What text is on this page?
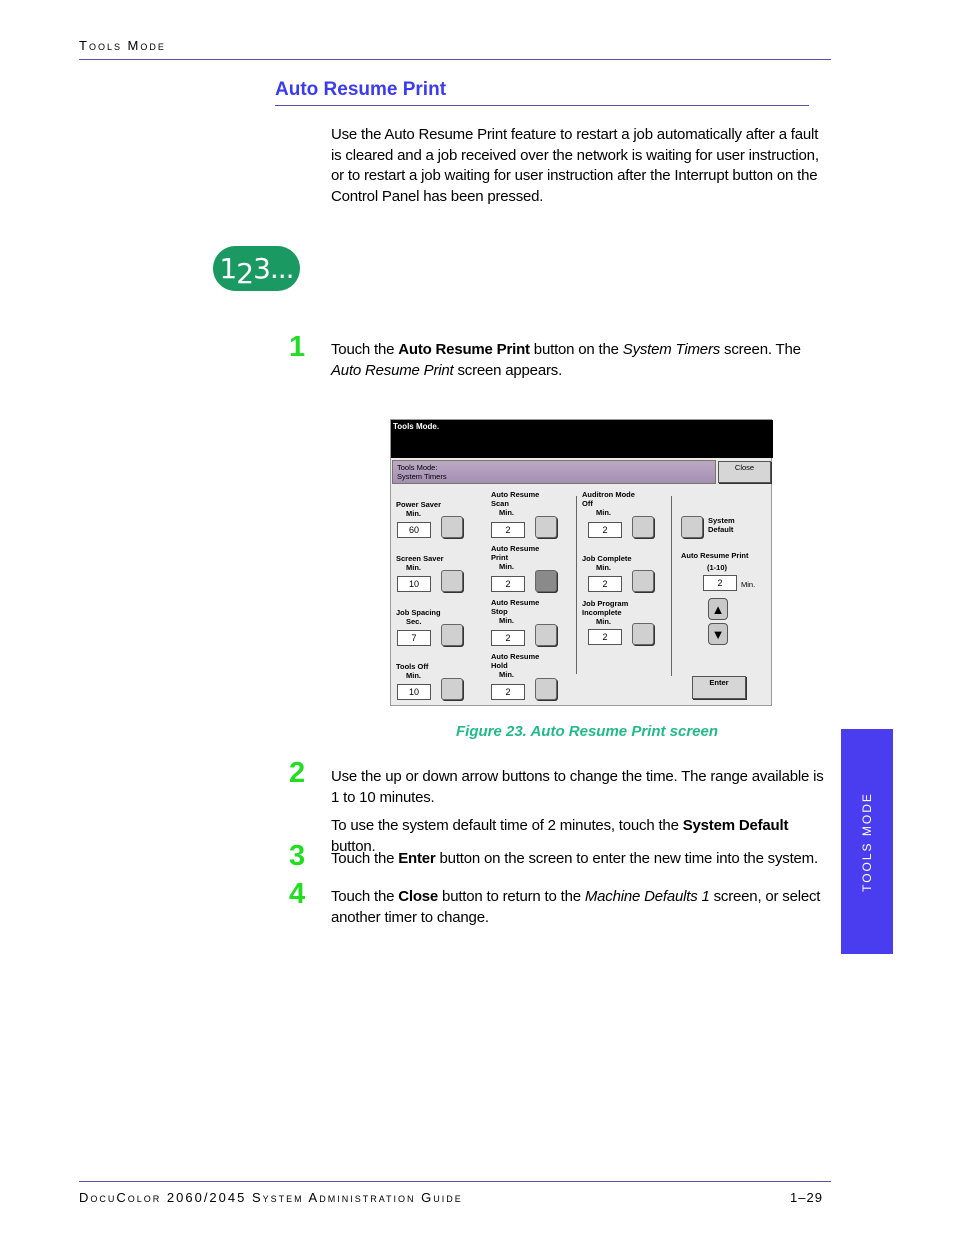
Tools Mode
Auto Resume Print
Use the Auto Resume Print feature to restart a job automatically after a fault is cleared and a job received over the network is waiting for user instruction, or to restart a job waiting for user instruction after the Interrupt button on the Control Panel has been pressed.
1 2 3...
1 Touch the Auto Resume Print button on the System Timers screen. The Auto Resume Print screen appears.
Tools Mode.
Tools Mode:
System Timers
Close
Power Saver
Min.
60
Screen Saver
Min.
10
Job Spacing
Sec.
7
Tools Off
Min.
10
Auto Resume
Scan
Min.
2
Auto Resume
Print
Min.
2
Auto Resume
Stop
Min.
2
Auto Resume
Hold
Min.
2
Auditron Mode
Off
Min.
2
Job Complete
Min.
2
Job Program
Incomplete
Min.
2
System
Default
Auto Resume Print
(1-10)
2	Min.
▲
▼
Enter
Figure 23. Auto Resume Print screen
2 Use the up or down arrow buttons to change the time. The range available is 1 to 10 minutes.
To use the system default time of 2 minutes, touch the System Default button.
3 Touch the Enter button on the screen to enter the new time into the system.
4 Touch the Close button to return to the Machine Defaults 1 screen, or select another timer to change.
TOOLS MODE
DocuColor 2060/2045 System Administration Guide	1–29
